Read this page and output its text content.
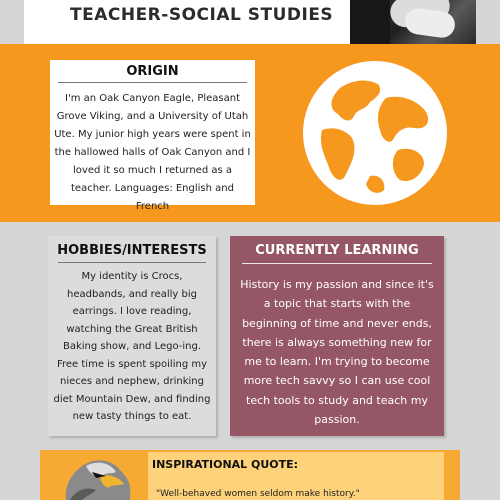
TEACHER-SOCIAL STUDIES
ORIGIN
I'm an Oak Canyon Eagle, Pleasant Grove Viking, and a University of Utah Ute. My junior high years were spent in the hallowed halls of Oak Canyon and I loved it so much I returned as a teacher. Languages: English and French
HOBBIES/INTERESTS
My identity is Crocs, headbands, and really big earrings. I love reading, watching the Great British Baking show, and Lego-ing. Free time is spent spoiling my nieces and nephew, drinking diet Mountain Dew, and finding new tasty things to eat.
CURRENTLY LEARNING
History is my passion and since it's a topic that starts with the beginning of time and never ends, there is always something new for me to learn. I'm trying to become more tech savvy so I can use cool tech tools to study and teach my passion.
INSPIRATIONAL QUOTE:
"Well-behaved women seldom make history."
